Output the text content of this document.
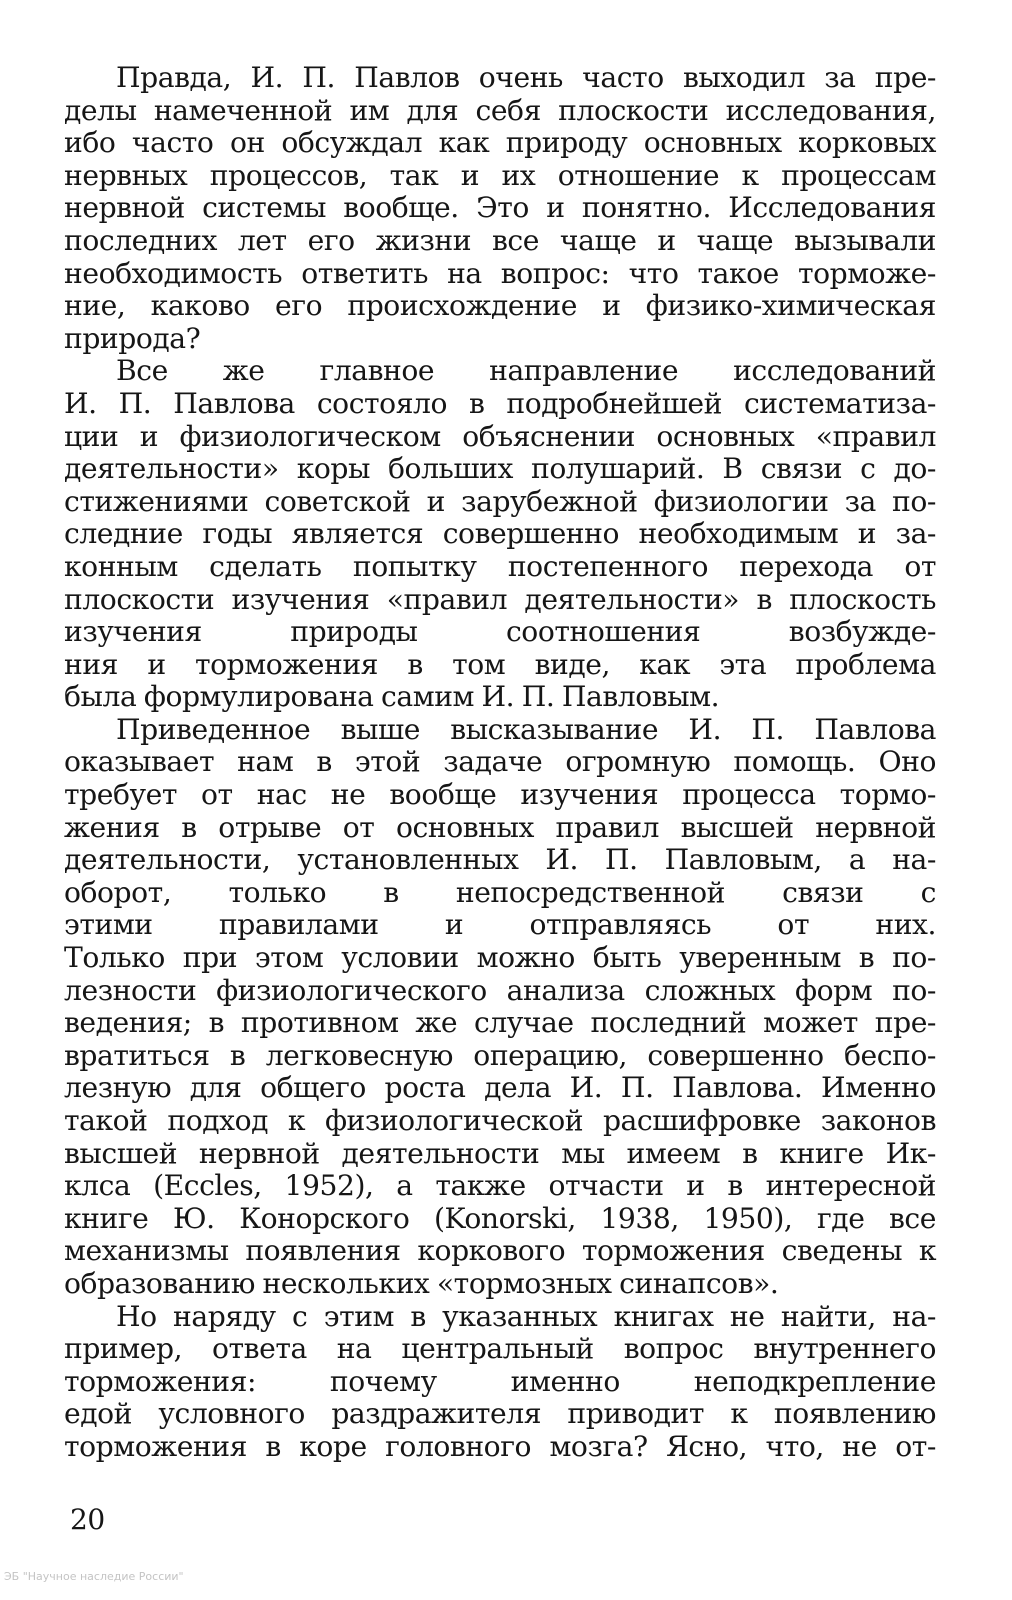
Правда, И. П. Павлов очень часто выходил за пре-
делы намеченной им для себя плоскости исследования,
ибо часто он обсуждал как природу основных корковых
нервных процессов, так и их отношение к процессам
нервной системы вообще. Это и понятно. Исследования
последних лет его жизни все чаще и чаще вызывали
необходимость ответить на вопрос: что такое торможе-
ние, каково его происхождение и физико-химическая
природа?
Все же главное направление исследований
И. П. Павлова состояло в подробнейшей систематиза-
ции и физиологическом объяснении основных «правил
деятельности» коры больших полушарий. В связи с до-
стижениями советской и зарубежной физиологии за по-
следние годы является совершенно необходимым и за-
конным сделать попытку постепенного перехода от
плоскости изучения «правил деятельности» в плоскость
изучения природы соотношения возбужде-
ния и торможения в том виде, как эта проблема
была формулирована самим И. П. Павловым.
Приведенное выше высказывание И. П. Павлова
оказывает нам в этой задаче огромную помощь. Оно
требует от нас не вообще изучения процесса тормо-
жения в отрыве от основных правил высшей нервной
деятельности, установленных И. П. Павловым, а на-
оборот, только в непосредственной связи с
этими правилами и отправляясь от них.
Только при этом условии можно быть уверенным в по-
лезности физиологического анализа сложных форм по-
ведения; в противном же случае последний может пре-
вратиться в легковесную операцию, совершенно беспо-
лезную для общего роста дела И. П. Павлова. Именно
такой подход к физиологической расшифровке законов
высшей нервной деятельности мы имеем в книге Ик-
клса (Eccles, 1952), а также отчасти и в интересной
книге Ю. Конорского (Konorski, 1938, 1950), где все
механизмы появления коркового торможения сведены к
образованию нескольких «тормозных синапсов».
Но наряду с этим в указанных книгах не найти, на-
пример, ответа на центральный вопрос внутреннего
торможения: почему именно неподкрепление
едой условного раздражителя приводит к появлению
торможения в коре головного мозга? Ясно, что, не от-
20
ЭБ "Научное наследие России"
